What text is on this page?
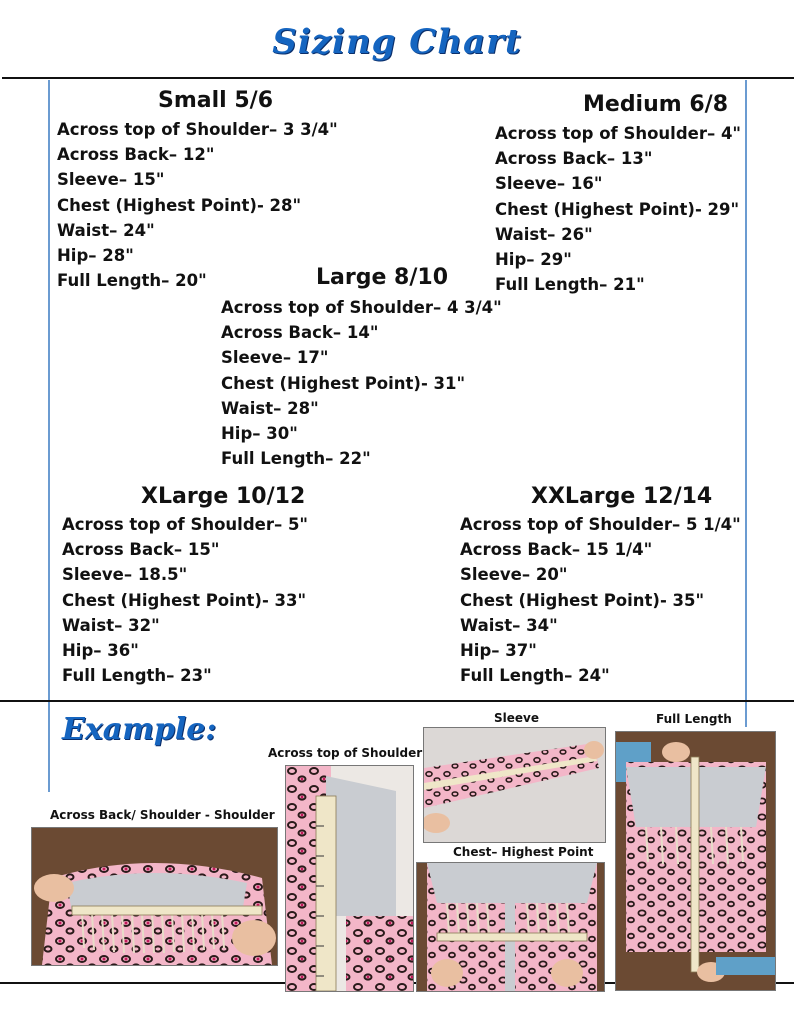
Sizing Chart
Small 5/6
Across top of Shoulder– 3 3/4"
Across Back– 12"
Sleeve– 15"
Chest (Highest Point)- 28"
Waist– 24"
Hip– 28"
Full Length– 20"
Medium 6/8
Across top of Shoulder– 4"
Across Back– 13"
Sleeve– 16"
Chest (Highest Point)- 29"
Waist– 26"
Hip– 29"
Full Length– 21"
Large 8/10
Across top of Shoulder– 4 3/4"
Across Back– 14"
Sleeve– 17"
Chest (Highest Point)- 31"
Waist– 28"
Hip– 30"
Full Length– 22"
XLarge 10/12
Across top of Shoulder– 5"
Across Back– 15"
Sleeve– 18.5"
Chest (Highest Point)- 33"
Waist– 32"
Hip– 36"
Full Length– 23"
XXLarge 12/14
Across top of Shoulder– 5 1/4"
Across Back– 15 1/4"
Sleeve– 20"
Chest (Highest Point)- 35"
Waist– 34"
Hip– 37"
Full Length– 24"
Example:
Across Back/ Shoulder - Shoulder
Across top of Shoulder
Sleeve
Chest– Highest Point
Full Length
